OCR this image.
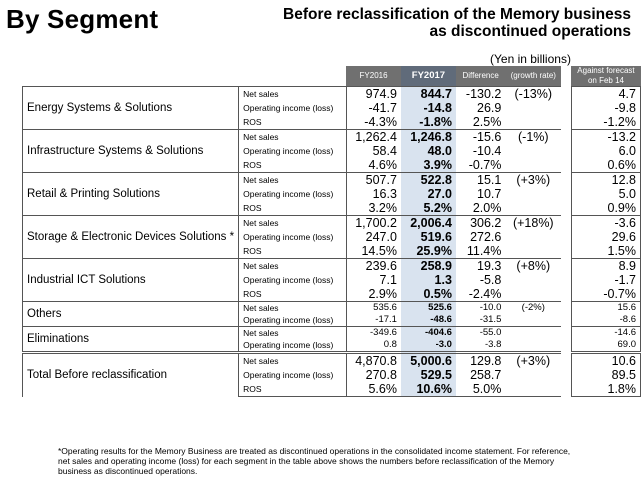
By Segment	Before reclassification of the Memory business
as discontinued operations
(Yen in billions)
		FY2016	FY2017	Difference	(growth rate)		Against forecast
on Feb 14
Energy Systems & Solutions	Net sales	974.9	844.7	-130.2	(-13%)		4.7
	Operating income (loss)	-41.7	-14.8	26.9			-9.8
	ROS	-4.3%	-1.8%	2.5%			-1.2%
Infrastructure Systems & Solutions	Net sales	1,262.4	1,246.8	-15.6	(-1%)		-13.2
	Operating income (loss)	58.4	48.0	-10.4			6.0
	ROS	4.6%	3.9%	-0.7%			0.6%
Retail & Printing Solutions	Net sales	507.7	522.8	15.1	(+3%)		12.8
	Operating income (loss)	16.3	27.0	10.7			5.0
	ROS	3.2%	5.2%	2.0%			0.9%
Storage & Electronic Devices Solutions *	Net sales	1,700.2	2,006.4	306.2	(+18%)		-3.6
	Operating income (loss)	247.0	519.6	272.6			29.6
	ROS	14.5%	25.9%	11.4%			1.5%
Industrial ICT Solutions	Net sales	239.6	258.9	19.3	(+8%)		8.9
	Operating income (loss)	7.1	1.3	-5.8			-1.7
	ROS	2.9%	0.5%	-2.4%			-0.7%
Others	Net sales	535.6	525.6	-10.0	(-2%)		15.6
	Operating income (loss)	-17.1	-48.6	-31.5			-8.6
Eliminations	Net sales	-349.6	-404.6	-55.0			-14.6
	Operating income (loss)	0.8	-3.0	-3.8			69.0
Total Before reclassification	Net sales	4,870.8	5,000.6	129.8	(+3%)		10.6
	Operating income (loss)	270.8	529.5	258.7			89.5
	ROS	5.6%	10.6%	5.0%			1.8%
*Operating results for the Memory Business are treated as discontinued operations in the consolidated income statement. For reference, net sales and operating income (loss) for each segment in the table above shows the numbers before reclassification of the Memory business as discontinued operations.
